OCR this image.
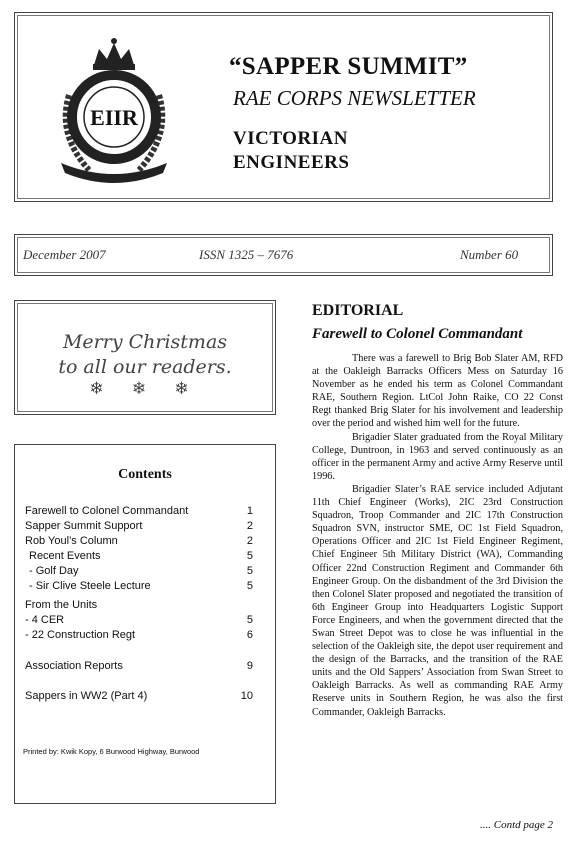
EIIR
“SAPPER SUMMIT”
RAE CORPS NEWSLETTER
VICTORIAN
ENGINEERS
December 2007	ISSN 1325 – 7676	Number 60
Merry Christmas
to all our readers.
❄ ❄ ❄
Contents
Farewell to Colonel Commandant	1
Sapper Summit Support	2
Rob Youl’s Column	2
Recent Events	5
- Golf Day	5
- Sir Clive Steele Lecture	5
From the Units
- 4 CER	5
- 22 Construction Regt	6
Association Reports	9
Sappers in WW2 (Part 4)	10
Printed by: Kwik Kopy, 6 Burwood Highway, Burwood
EDITORIAL
Farewell to Colonel Commandant

There was a farewell to Brig Bob Slater AM, RFD at the Oakleigh Barracks Officers Mess on Saturday 16 November as he ended his term as Colonel Commandant RAE, Southern Region. LtCol John Raike, CO 22 Const Regt thanked Brig Slater for his involvement and leadership over the period and wished him well for the future.

Brigadier Slater graduated from the Royal Military College, Duntroon, in 1963 and served continuously as an officer in the permanent Army and active Army Reserve until 1996.

Brigadier Slater’s RAE service included Adjutant 11th Chief Engineer (Works), 2IC 23rd Construction Squadron, Troop Commander and 2IC 17th Construction Squadron SVN, instructor SME, OC 1st Field Squadron, Operations Officer and 2IC 1st Field Engineer Regiment, Chief Engineer 5th Military District (WA), Commanding Officer 22nd Construction Regiment and Commander 6th Engineer Group. On the disbandment of the 3rd Division the then Colonel Slater proposed and negotiated the transition of 6th Engineer Group into Headquarters Logistic Support Force Engineers, and when the government directed that the Swan Street Depot was to close he was influential in the selection of the Oakleigh site, the depot user requirement and the design of the Barracks, and the transition of the RAE units and the Old Sappers’ Association from Swan Street to Oakleigh Barracks. As well as commanding RAE Army Reserve units in Southern Region, he was also the first Commander, Oakleigh Barracks.

.... Contd page 2
